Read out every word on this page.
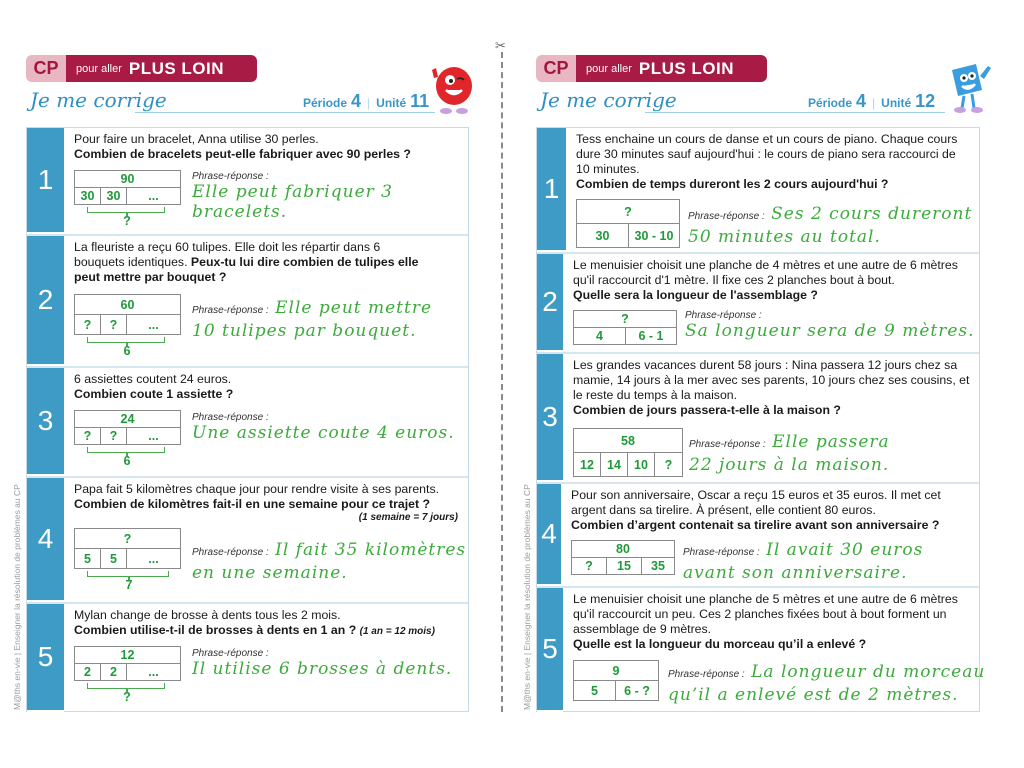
✂
M@ths en-vie | Enseigner la résolution de problèmes au CP
CP	pour aller PLUS LOIN
Je me corrige	Période 4 | Unité 11
1
Pour faire un bracelet, Anna utilise 30 perles.
Combien de bracelets peut-elle fabriquer avec 90 perles ?
90
30	30	...
?
Phrase-réponse :
Elle peut fabriquer 3 bracelets.
2
La fleuriste a reçu 60 tulipes. Elle doit les répartir dans 6 bouquets identiques. Peux-tu lui dire combien de tulipes elle peut mettre par bouquet ?
60
?	?	...
6
Phrase-réponse : Elle peut mettre
10 tulipes par bouquet.
3
6 assiettes coutent 24 euros.
Combien coute 1 assiette ?
24
?	?	...
6
Phrase-réponse :
Une assiette coute 4 euros.
4
Papa fait 5 kilomètres chaque jour pour rendre visite à ses parents.
Combien de kilomètres fait-il en une semaine pour ce trajet ?
(1 semaine = 7 jours)
?
5	5	...
7
Phrase-réponse : Il fait 35 kilomètres
en une semaine.
5
Mylan change de brosse à dents tous les 2 mois.
Combien utilise-t-il de brosses à dents en 1 an ? (1 an = 12 mois)
12
2	2	...
?
Phrase-réponse :
Il utilise 6 brosses à dents.	M@ths en-vie | Enseigner la résolution de problèmes au CP
CP	pour aller PLUS LOIN
Je me corrige	Période 4 | Unité 12
1
Tess enchaine un cours de danse et un cours de piano. Chaque cours dure 30 minutes sauf aujourd'hui : le cours de piano sera raccourci de 10 minutes.
Combien de temps dureront les 2 cours aujourd'hui ?
?
30	30 - 10
Phrase-réponse : Ses 2 cours dureront
50 minutes au total.
2
Le menuisier choisit une planche de 4 mètres et une autre de 6 mètres qu'il raccourcit d'1 mètre. Il fixe ces 2 planches bout à bout.
Quelle sera la longueur de l'assemblage ?
?
4	6 - 1
Phrase-réponse :
Sa longueur sera de 9 mètres.
3
Les grandes vacances durent 58 jours : Nina passera 12 jours chez sa mamie, 14 jours à la mer avec ses parents, 10 jours chez ses cousins, et le reste du temps à la maison.
Combien de jours passera-t-elle à la maison ?
58
12	14	10	?
Phrase-réponse : Elle passera
22 jours à la maison.
4
Pour son anniversaire, Oscar a reçu 15 euros et 35 euros. Il met cet argent dans sa tirelire. À présent, elle contient 80 euros.
Combien d’argent contenait sa tirelire avant son anniversaire ?
80
?	15	35
Phrase-réponse : Il avait 30 euros
avant son anniversaire.
5
Le menuisier choisit une planche de 5 mètres et une autre de 6 mètres qu'il raccourcit un peu. Ces 2 planches fixées bout à bout forment un assemblage de 9 mètres.
Quelle est la longueur du morceau qu’il a enlevé ?
9
5	6 - ?
Phrase-réponse : La longueur du morceau
qu’il a enlevé est de 2 mètres.
